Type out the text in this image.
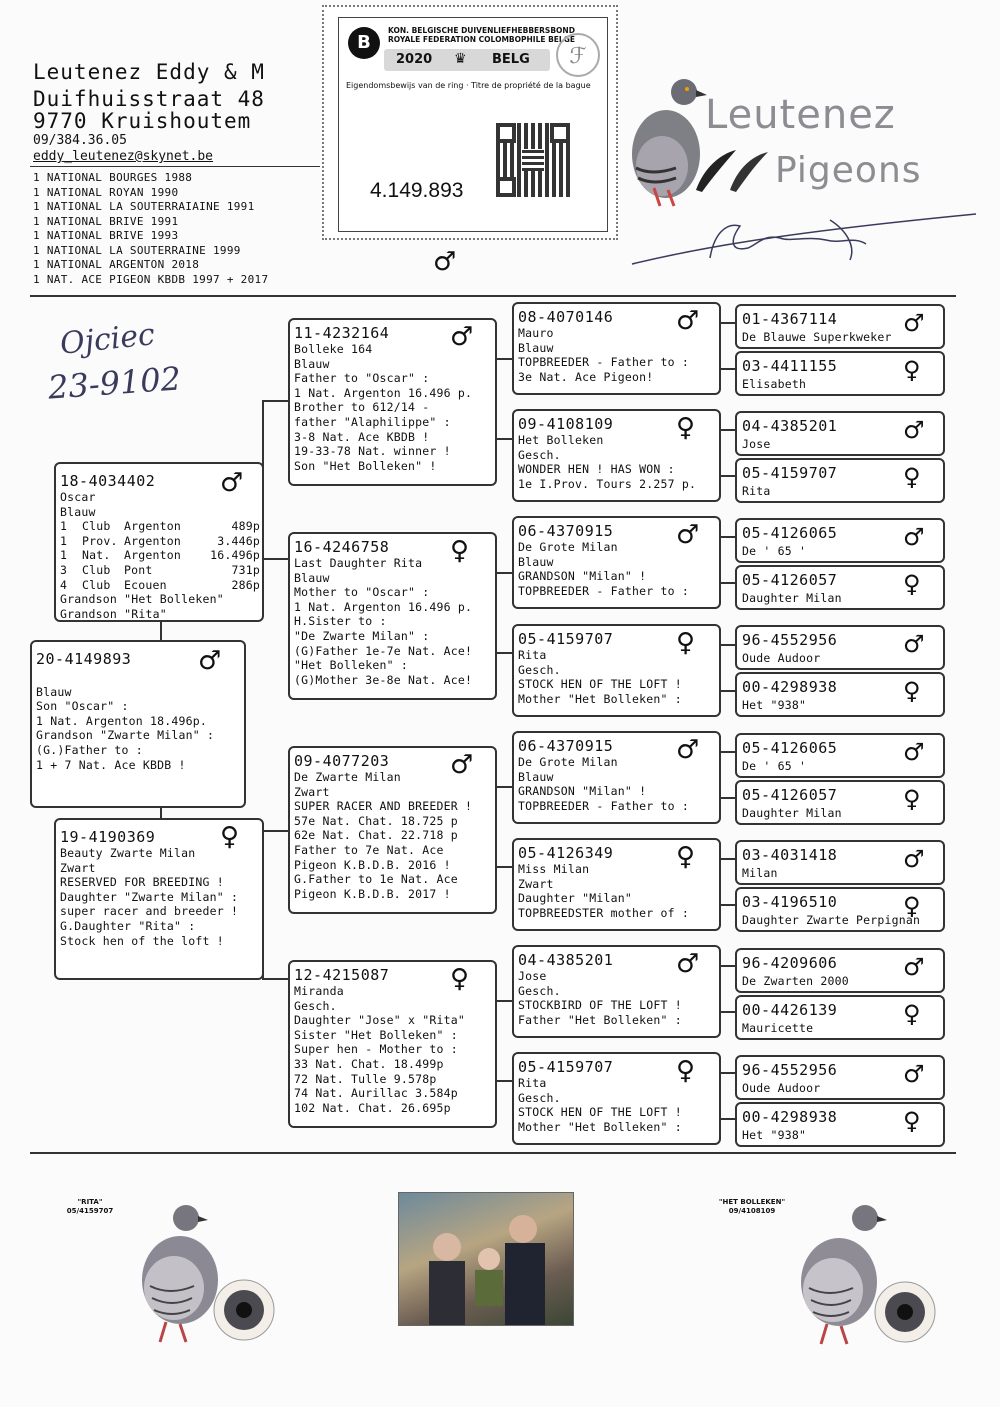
Leutenez Eddy & M
Duifhuisstraat 48
9770 Kruishoutem
09/384.36.05
eddy_leutenez@skynet.be
1 NATIONAL BOURGES 1988
1 NATIONAL ROYAN 1990
1 NATIONAL LA SOUTERRAIAINE 1991
1 NATIONAL BRIVE 1991
1 NATIONAL BRIVE 1993
1 NATIONAL LA SOUTERRAINE 1999
1 NATIONAL ARGENTON 2018
1 NAT. ACE PIGEON KBDB 1997 + 2017
B
KON. BELGISCHE DUIVENLIEFHEBBERSBOND
ROYALE FEDERATION COLOMBOPHILE BELGE
2020 ♛ BELG	ℱ
Eigendomsbewijs van de ring · Titre de propriété de la bague
4.149.893
Leutenez
Pigeons
♂
Ojciec
23-9102
20-4149893	♂
Blauw
Son "Oscar" :
1 Nat. Argenton 18.496p.
Grandson "Zwarte Milan" :
(G.)Father to :
1 + 7 Nat. Ace KBDB !
18-4034402 ♂
Oscar
Blauw
1	Club	Argenton	489p
1	Prov. Argenton	3.446p
1	Nat.	Argenton	16.496p
3	Club	Pont	731p
4	Club	Ecouen	286p
Grandson "Het Bolleken"
Grandson "Rita"
19-4190369 ♀
Beauty Zwarte Milan
Zwart
RESERVED FOR BREEDING !
Daughter "Zwarte Milan" :
super racer and breeder !
G.Daughter "Rita" :
Stock hen of the loft !
11-4232164 ♂
Bolleke 164
Blauw
Father to "Oscar" :
1 Nat. Argenton 16.496 p.
Brother to 612/14 -
father "Alaphilippe" :
3-8 Nat. Ace KBDB !
19-33-78 Nat. winner !
Son "Het Bolleken" !
16-4246758 ♀
Last Daughter Rita
Blauw
Mother to "Oscar" :
1 Nat. Argenton 16.496 p.
H.Sister to :
"De Zwarte Milan" :
(G)Father 1e-7e Nat. Ace!
"Het Bolleken" :
(G)Mother 3e-8e Nat. Ace!
09-4077203 ♂
De Zwarte Milan
Zwart
SUPER RACER AND BREEDER !
57e Nat. Chat. 18.725 p
62e Nat. Chat. 22.718 p
Father to 7e Nat. Ace
Pigeon K.B.D.B. 2016 !
G.Father to 1e Nat. Ace
Pigeon K.B.D.B. 2017 !
12-4215087 ♀
Miranda
Gesch.
Daughter "Jose" x "Rita"
Sister "Het Bolleken" :
Super hen - Mother to :
33 Nat. Chat. 18.499p
72 Nat. Tulle 9.578p
74 Nat. Aurillac 3.584p
102 Nat. Chat. 26.695p
08-4070146 ♂
Mauro
Blauw
TOPBREEDER - Father to :
3e Nat. Ace Pigeon!
09-4108109 ♀
Het Bolleken
Gesch.
WONDER HEN ! HAS WON :
1e I.Prov. Tours 2.257 p.
06-4370915 ♂
De Grote Milan
Blauw
GRANDSON "Milan" !
TOPBREEDER - Father to :
05-4159707 ♀
Rita
Gesch.
STOCK HEN OF THE LOFT !
Mother "Het Bolleken" :
06-4370915 ♂
De Grote Milan
Blauw
GRANDSON "Milan" !
TOPBREEDER - Father to :
05-4126349 ♀
Miss Milan
Zwart
Daughter "Milan"
TOPBREEDSTER mother of :
04-4385201 ♂
Jose
Gesch.
STOCKBIRD OF THE LOFT !
Father "Het Bolleken" :
05-4159707 ♀
Rita
Gesch.
STOCK HEN OF THE LOFT !
Mother "Het Bolleken" :
01-4367114	♂
De Blauwe Superkweker
03-4411155	♀
Elisabeth
04-4385201	♂
Jose
05-4159707	♀
Rita
05-4126065	♂
De ' 65 '
05-4126057	♀
Daughter Milan
96-4552956	♂
Oude Audoor
00-4298938	♀
Het "938"
05-4126065	♂
De ' 65 '
05-4126057	♀
Daughter Milan
03-4031418	♂
Milan
03-4196510	♀
Daughter Zwarte Perpignan
96-4209606	♂
De Zwarten 2000
00-4426139	♀
Mauricette
96-4552956	♂
Oude Audoor
00-4298938	♀
Het "938"
"RITA"
05/4159707
"HET BOLLEKEN"
09/4108109
